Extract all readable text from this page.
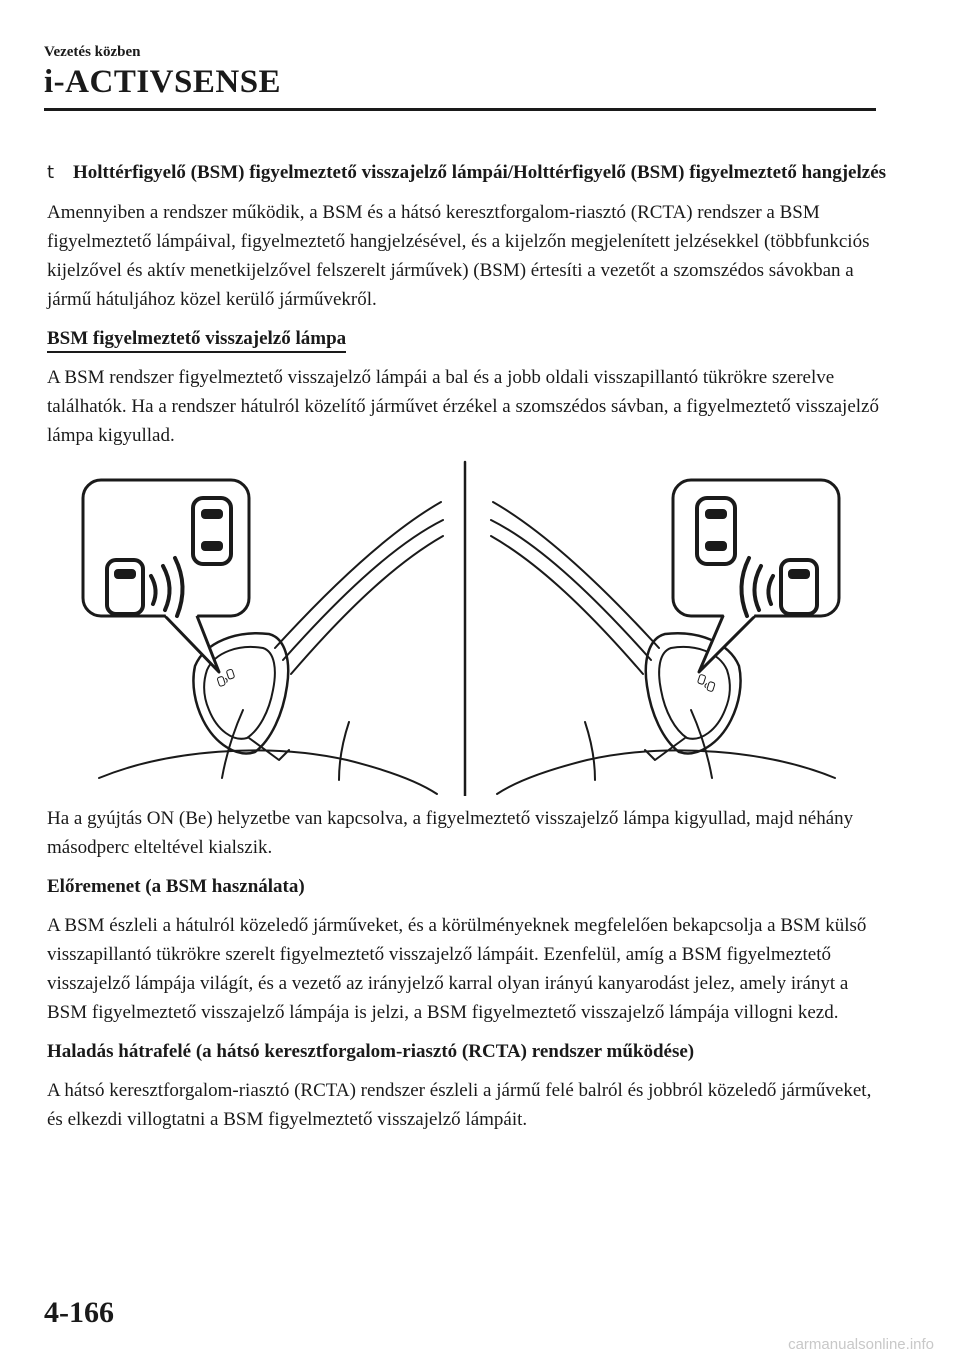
Vezetés közben
i-ACTIVSENSE
t Holttérfigyelő (BSM) figyelmeztető visszajelző lámpái/Holttérfigyelő (BSM) figyelmeztető hangjelzés

Amennyiben a rendszer működik, a BSM és a hátsó keresztforgalom-riasztó (RCTA) rendszer a BSM figyelmeztető lámpáival, figyelmeztető hangjelzésével, és a kijelzőn megjelenített jelzésekkel (többfunkciós kijelzővel és aktív menetkijelzővel felszerelt járművek) (BSM) értesíti a vezetőt a szomszédos sávokban a jármű hátuljához közel kerülő járművekről.

BSM figyelmeztető visszajelző lámpa

A BSM rendszer figyelmeztető visszajelző lámpái a bal és a jobb oldali visszapillantó tükrökre szerelve találhatók. Ha a rendszer hátulról közelítő járművet érzékel a szomszédos sávban, a figyelmeztető visszajelző lámpa kigyullad.

Ha a gyújtás ON (Be) helyzetbe van kapcsolva, a figyelmeztető visszajelző lámpa kigyullad, majd néhány másodperc elteltével kialszik.

Előremenet (a BSM használata)

A BSM észleli a hátulról közeledő járműveket, és a körülményeknek megfelelően bekapcsolja a BSM külső visszapillantó tükrökre szerelt figyelmeztető visszajelző lámpáit. Ezenfelül, amíg a BSM figyelmeztető visszajelző lámpája világít, és a vezető az irányjelző karral olyan irányú kanyarodást jelez, amely irányt a BSM figyelmeztető visszajelző lámpája is jelzi, a BSM figyelmeztető visszajelző lámpája villogni kezd.

Haladás hátrafelé (a hátsó keresztforgalom-riasztó (RCTA) rendszer működése)

A hátsó keresztforgalom-riasztó (RCTA) rendszer észleli a jármű felé balról és jobbról közeledő járműveket, és elkezdi villogtatni a BSM figyelmeztető visszajelző lámpáit.

4-166
carmanualsonline.info
